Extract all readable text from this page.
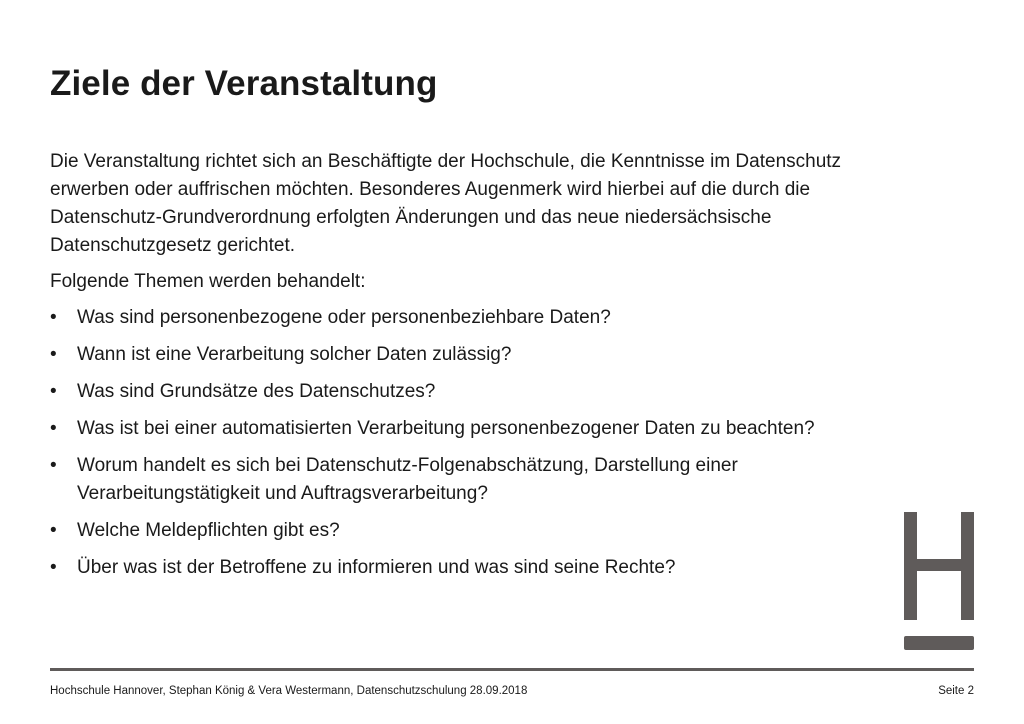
Ziele der Veranstaltung

Die Veranstaltung richtet sich an Beschäftigte der Hochschule, die Kenntnisse im Datenschutz erwerben oder auffrischen möchten. Besonderes Augenmerk wird hierbei auf die durch die Datenschutz-Grundverordnung erfolgten Änderungen und das neue niedersächsische Datenschutzgesetz gerichtet.

Folgende Themen werden behandelt:

• Was sind personenbezogene oder personenbeziehbare Daten?
• Wann ist eine Verarbeitung solcher Daten zulässig?
• Was sind Grundsätze des Datenschutzes?
• Was ist bei einer automatisierten Verarbeitung personenbezogener Daten zu beachten?
• Worum handelt es sich bei Datenschutz-Folgenabschätzung, Darstellung einer Verarbeitungstätigkeit und Auftragsverarbeitung?
• Welche Meldepflichten gibt es?
• Über was ist der Betroffene zu informieren und was sind seine Rechte?
Hochschule Hannover, Stephan König & Vera Westermann, Datenschutzschulung 28.09.2018	Seite 2
